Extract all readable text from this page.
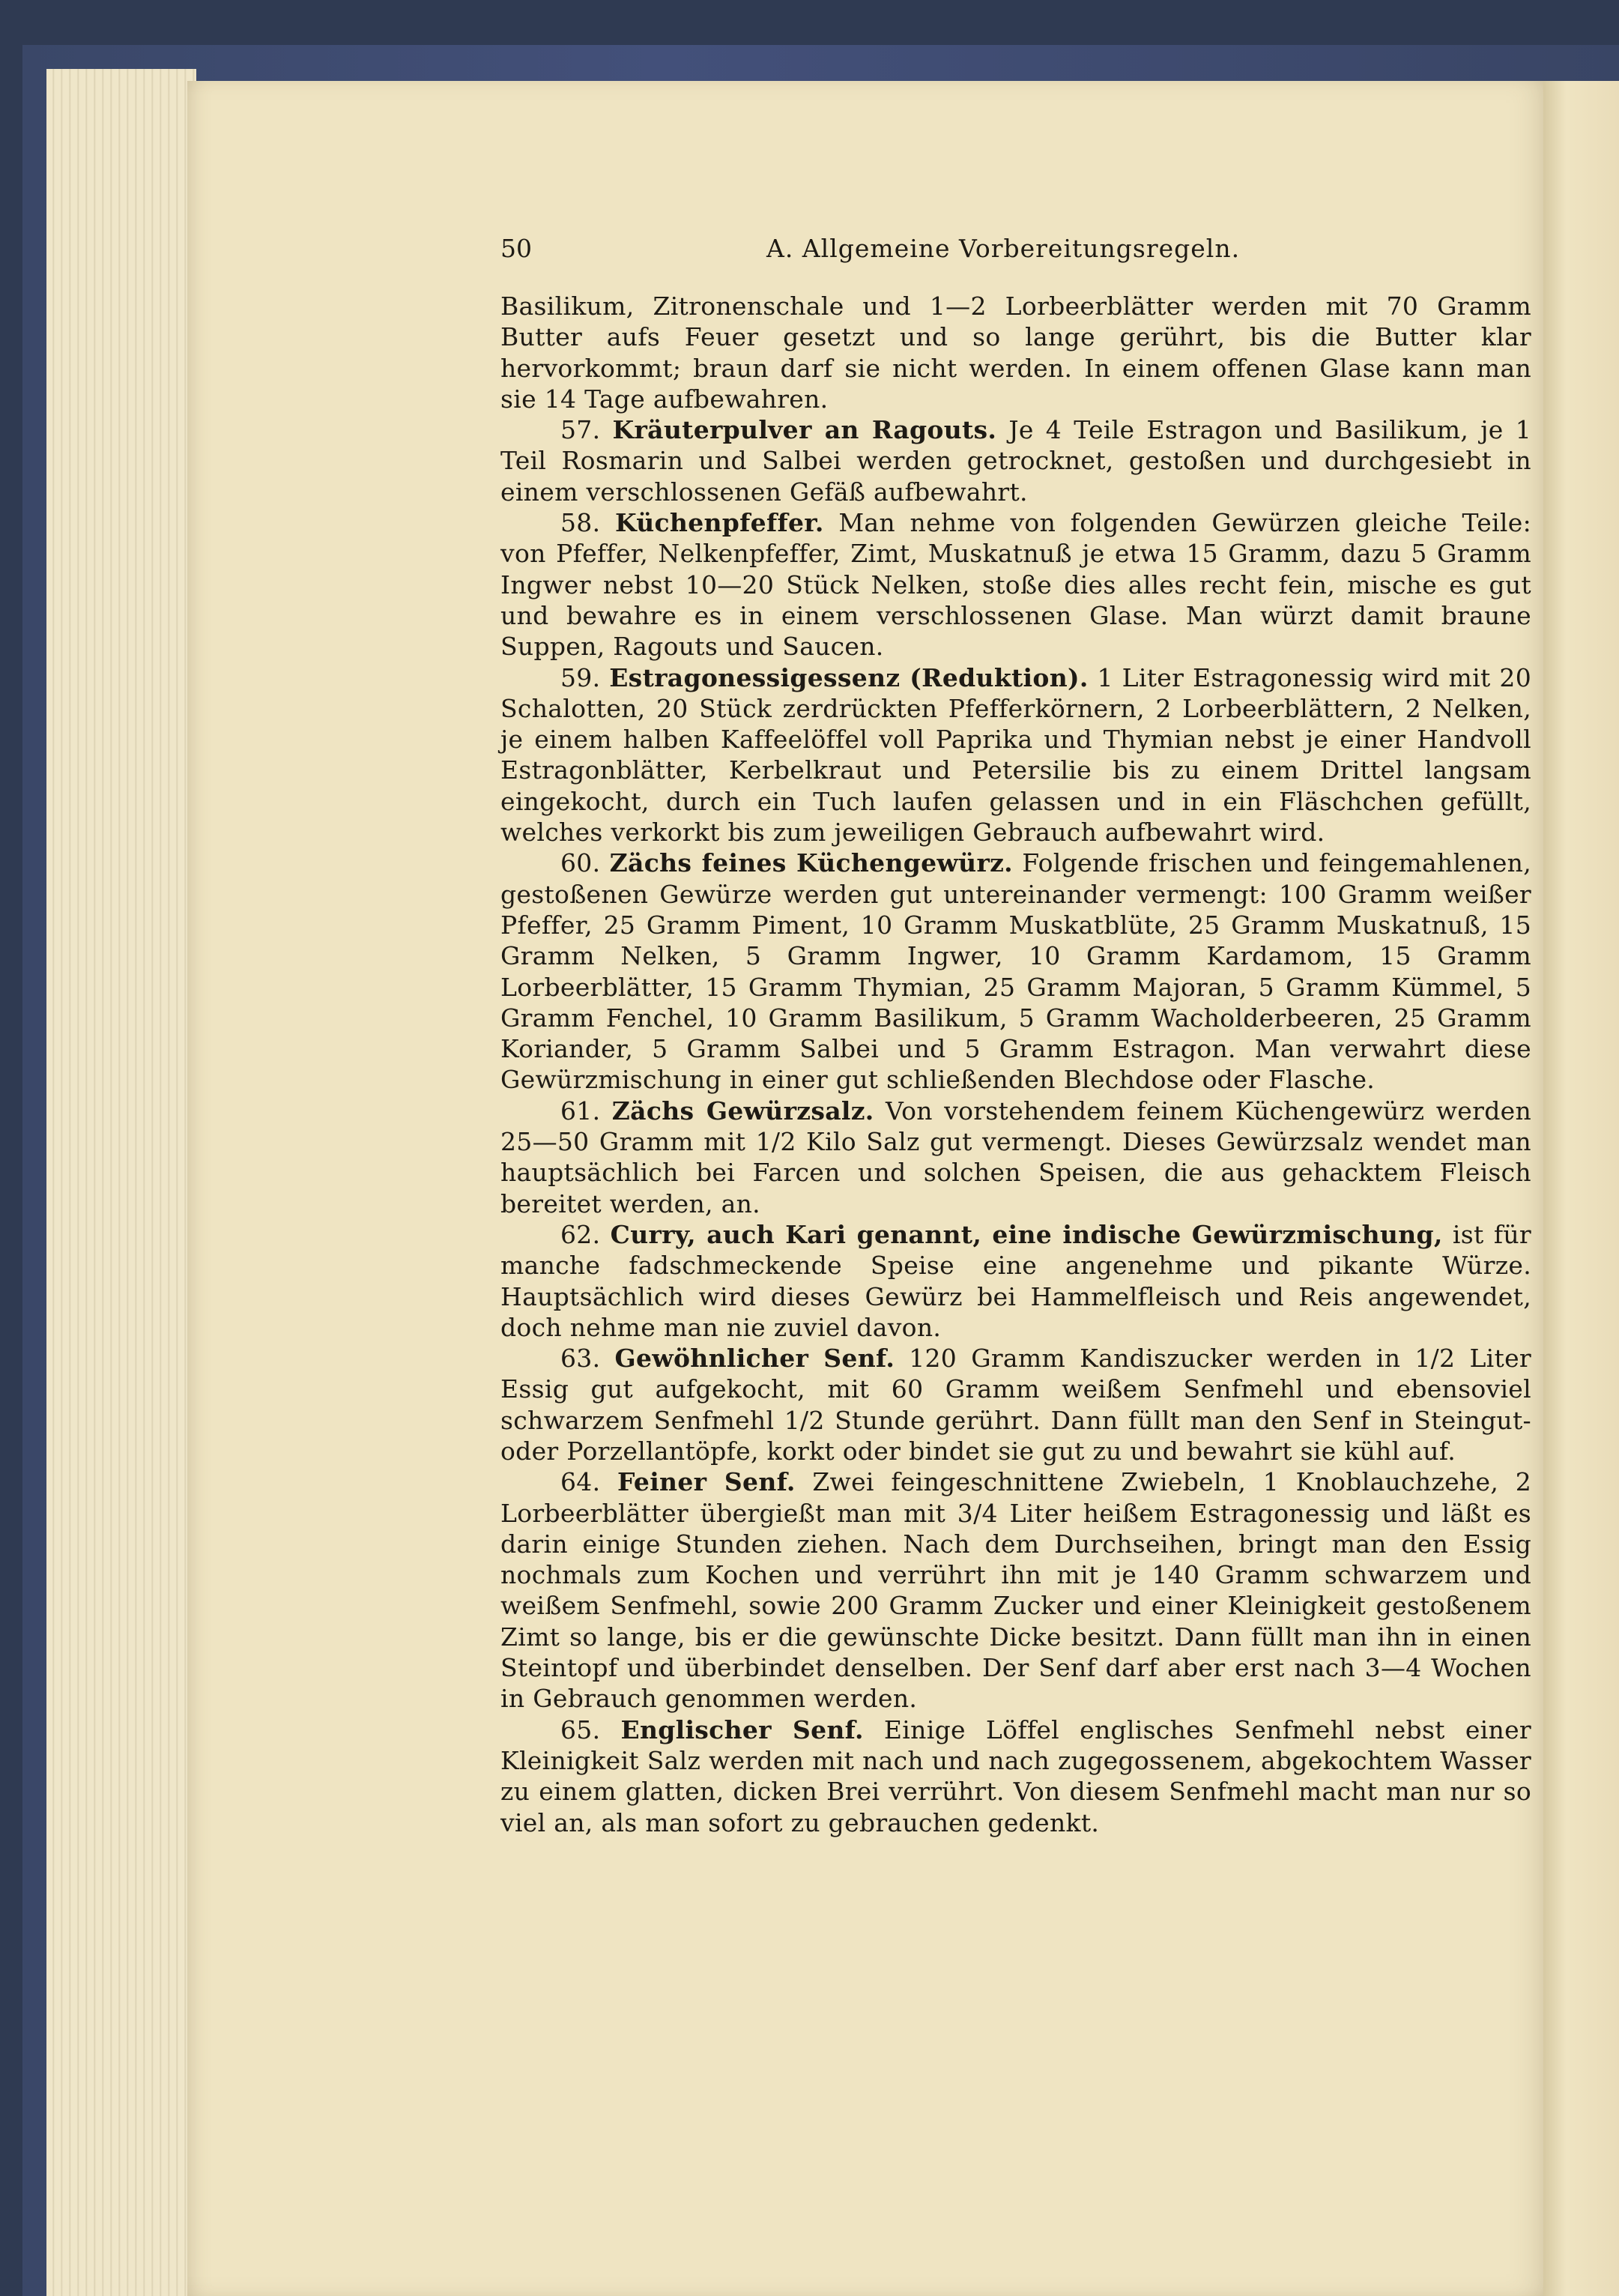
50	A. Allgemeine Vorbereitungsregeln.

Basilikum, Zitronenschale und 1—2 Lorbeerblätter werden mit 70 Gramm Butter aufs Feuer gesetzt und so lange gerührt, bis die Butter klar hervorkommt; braun darf sie nicht werden. In einem offenen Glase kann man sie 14 Tage aufbewahren.

57. Kräuterpulver an Ragouts. Je 4 Teile Estragon und Basilikum, je 1 Teil Rosmarin und Salbei werden getrocknet, gestoßen und durchgesiebt in einem verschlossenen Gefäß aufbewahrt.

58. Küchenpfeffer. Man nehme von folgenden Gewürzen gleiche Teile: von Pfeffer, Nelkenpfeffer, Zimt, Muskatnuß je etwa 15 Gramm, dazu 5 Gramm Ingwer nebst 10—20 Stück Nelken, stoße dies alles recht fein, mische es gut und bewahre es in einem verschlossenen Glase. Man würzt damit braune Suppen, Ragouts und Saucen.

59. Estragonessigessenz (Reduktion). 1 Liter Estragonessig wird mit 20 Schalotten, 20 Stück zerdrückten Pfefferkörnern, 2 Lorbeerblättern, 2 Nelken, je einem halben Kaffeelöffel voll Paprika und Thymian nebst je einer Handvoll Estragonblätter, Kerbelkraut und Petersilie bis zu einem Drittel langsam eingekocht, durch ein Tuch laufen gelassen und in ein Fläschchen gefüllt, welches verkorkt bis zum jeweiligen Gebrauch aufbewahrt wird.

60. Zächs feines Küchengewürz. Folgende frischen und feingemahlenen, gestoßenen Gewürze werden gut untereinander vermengt: 100 Gramm weißer Pfeffer, 25 Gramm Piment, 10 Gramm Muskatblüte, 25 Gramm Muskatnuß, 15 Gramm Nelken, 5 Gramm Ingwer, 10 Gramm Kardamom, 15 Gramm Lorbeerblätter, 15 Gramm Thymian, 25 Gramm Majoran, 5 Gramm Kümmel, 5 Gramm Fenchel, 10 Gramm Basilikum, 5 Gramm Wacholderbeeren, 25 Gramm Koriander, 5 Gramm Salbei und 5 Gramm Estragon. Man verwahrt diese Gewürzmischung in einer gut schließenden Blechdose oder Flasche.

61. Zächs Gewürzsalz. Von vorstehendem feinem Küchengewürz werden 25—50 Gramm mit 1/2 Kilo Salz gut vermengt. Dieses Gewürzsalz wendet man hauptsächlich bei Farcen und solchen Speisen, die aus gehacktem Fleisch bereitet werden, an.

62. Curry, auch Kari genannt, eine indische Gewürzmischung, ist für manche fadschmeckende Speise eine angenehme und pikante Würze. Hauptsächlich wird dieses Gewürz bei Hammelfleisch und Reis angewendet, doch nehme man nie zuviel davon.

63. Gewöhnlicher Senf. 120 Gramm Kandiszucker werden in 1/2 Liter Essig gut aufgekocht, mit 60 Gramm weißem Senfmehl und ebensoviel schwarzem Senfmehl 1/2 Stunde gerührt. Dann füllt man den Senf in Steingut- oder Porzellantöpfe, korkt oder bindet sie gut zu und bewahrt sie kühl auf.

64. Feiner Senf. Zwei feingeschnittene Zwiebeln, 1 Knoblauchzehe, 2 Lorbeerblätter übergießt man mit 3/4 Liter heißem Estragonessig und läßt es darin einige Stunden ziehen. Nach dem Durchseihen, bringt man den Essig nochmals zum Kochen und verrührt ihn mit je 140 Gramm schwarzem und weißem Senfmehl, sowie 200 Gramm Zucker und einer Kleinigkeit gestoßenem Zimt so lange, bis er die gewünschte Dicke besitzt. Dann füllt man ihn in einen Steintopf und überbindet denselben. Der Senf darf aber erst nach 3—4 Wochen in Gebrauch genommen werden.

65. Englischer Senf. Einige Löffel englisches Senfmehl nebst einer Kleinigkeit Salz werden mit nach und nach zugegossenem, abgekochtem Wasser zu einem glatten, dicken Brei verrührt. Von diesem Senfmehl macht man nur so viel an, als man sofort zu gebrauchen gedenkt.
